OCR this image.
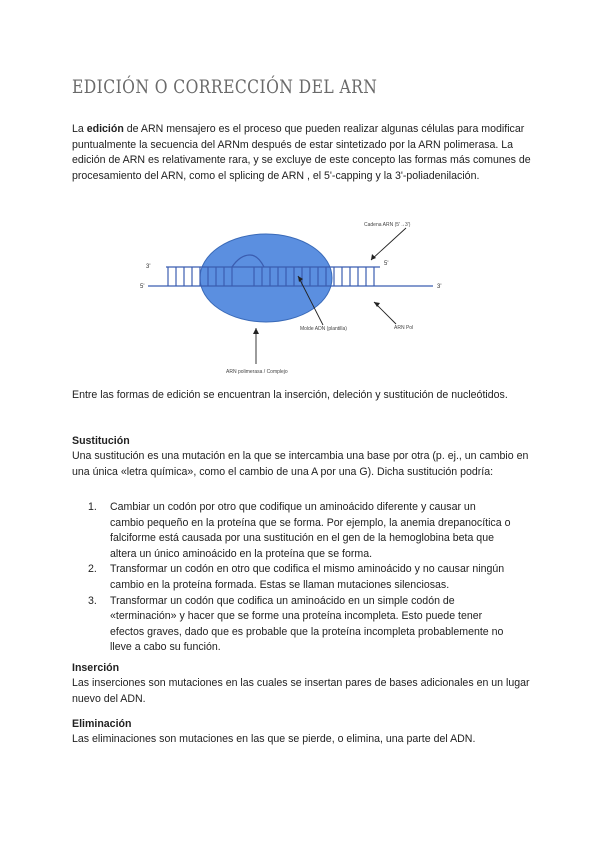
EDICIÓN O CORRECCIÓN DEL ARN

La edición de ARN mensajero es el proceso que pueden realizar algunas células para modificar puntualmente la secuencia del ARNm después de estar sintetizado por la ARN polimerasa. La edición de ARN es relativamente rara, y se excluye de este concepto las formas más comunes de procesamiento del ARN, como el splicing de ARN , el 5'-capping y la 3'-poliadenilación.

3'
5'
5'
3'
Cadena ARN (5'→3')
Molde ADN (plantilla)	ARN Pol
ARN polimerasa / Complejo

Entre las formas de edición se encuentran la inserción, deleción y sustitución de nucleótidos.

Sustitución

Una sustitución es una mutación en la que se intercambia una base por otra (p. ej., un cambio en una única «letra química», como el cambio de una A por una G). Dicha sustitución podría:

1. Cambiar un codón por otro que codifique un aminoácido diferente y causar un cambio pequeño en la proteína que se forma. Por ejemplo, la anemia drepanocítica o falciforme está causada por una sustitución en el gen de la hemoglobina beta que altera un único aminoácido en la proteína que se forma.
2. Transformar un codón en otro que codifica el mismo aminoácido y no causar ningún cambio en la proteína formada. Estas se llaman mutaciones silenciosas.
3. Transformar un codón que codifica un aminoácido en un simple codón de «terminación» y hacer que se forme una proteína incompleta. Esto puede tener efectos graves, dado que es probable que la proteína incompleta probablemente no lleve a cabo su función.

Inserción

Las inserciones son mutaciones en las cuales se insertan pares de bases adicionales en un lugar nuevo del ADN.

Eliminación

Las eliminaciones son mutaciones en las que se pierde, o elimina, una parte del ADN.
